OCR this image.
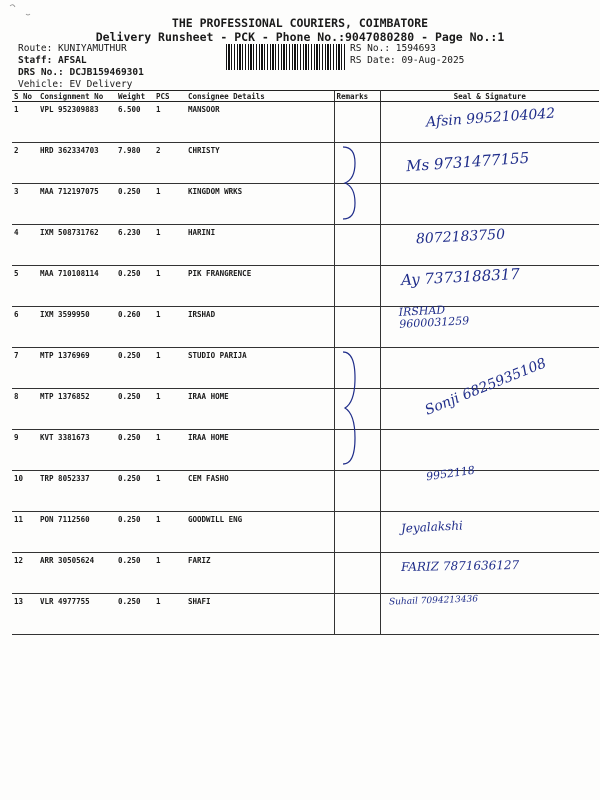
THE PROFESSIONAL COURIERS, COIMBATORE
Delivery Runsheet - PCK - Phone No.:9047080280 - Page No.:1
Route: KUNIYAMUTHUR
Staff: AFSAL
DRS No.: DCJB159469301
Vehicle: EV Delivery
RS No.: 1594693
RS Date: 09-Aug-2025
S No	Consignment No	Weight	PCS	Consignee Details	Remarks	Seal & Signature
1	VPL 952309883	6.500	1	MANSOOR		Afsin 9952104042

2	HRD 362334703	7.980	2	CHRISTY		Ms 9731477155

3	MAA 712197075	0.250	1	KINGDOM WRKS		
4	IXM 508731762	6.230	1	HARINI		8072183750

5	MAA 710108114	0.250	1	PIK FRANGRENCE		Ay 7373188317

6	IXM 3599950	0.260	1	IRSHAD		IRSHAD
9600031259

7	MTP 1376969	0.250	1	STUDIO PARIJA	

8	MTP 1376852	0.250	1	IRAA HOME		Sonji 6825935108

9	KVT 3381673	0.250	1	IRAA HOME		
10	TRP 8052337	0.250	1	CEM FASHO		9952118

11	PON 7112560	0.250	1	GOODWILL ENG		Jeyalakshi

12	ARR 30505624	0.250	1	FARIZ		FARIZ 7871636127

13	VLR 4977755	0.250	1	SHAFI		Suhail 7094213436
